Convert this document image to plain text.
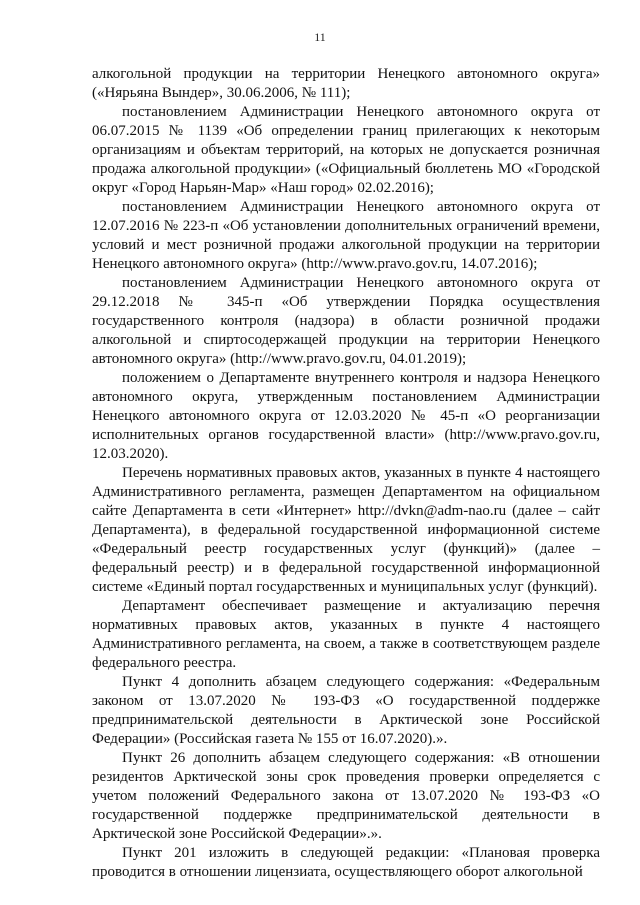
11

алкогольной продукции на территории Ненецкого автономного округа» («Нярьяна Вындер», 30.06.2006, № 111);

постановлением Администрации Ненецкого автономного округа от 06.07.2015 № 1139 «Об определении границ прилегающих к некоторым организациям и объектам территорий, на которых не допускается розничная продажа алкогольной продукции» («Официальный бюллетень МО «Городской округ «Город Нарьян-Мар» «Наш город» 02.02.2016);

постановлением Администрации Ненецкого автономного округа от 12.07.2016 № 223-п «Об установлении дополнительных ограничений времени, условий и мест розничной продажи алкогольной продукции на территории Ненецкого автономного округа» (http://www.pravo.gov.ru, 14.07.2016);

постановлением Администрации Ненецкого автономного округа от 29.12.2018 № 345-п «Об утверждении Порядка осуществления государственного контроля (надзора) в области розничной продажи алкогольной и спиртосодержащей продукции на территории Ненецкого автономного округа» (http://www.pravo.gov.ru, 04.01.2019);

положением о Департаменте внутреннего контроля и надзора Ненецкого автономного округа, утвержденным постановлением Администрации Ненецкого автономного округа от 12.03.2020 № 45-п «О реорганизации исполнительных органов государственной власти» (http://www.pravo.gov.ru, 12.03.2020).

Перечень нормативных правовых актов, указанных в пункте 4 настоящего Административного регламента, размещен Департаментом на официальном сайте Департамента в сети «Интернет» http://dvkn@adm-nao.ru (далее – сайт Департамента), в федеральной государственной информационной системе «Федеральный реестр государственных услуг (функций)» (далее – федеральный реестр) и в федеральной государственной информационной системе «Единый портал государственных и муниципальных услуг (функций).

Департамент обеспечивает размещение и актуализацию перечня нормативных правовых актов, указанных в пункте 4 настоящего Административного регламента, на своем, а также в соответствующем разделе федерального реестра.

Пункт 4 дополнить абзацем следующего содержания: «Федеральным законом от 13.07.2020 № 193-ФЗ «О государственной поддержке предпринимательской деятельности в Арктической зоне Российской Федерации» (Российская газета № 155 от 16.07.2020).».

Пункт 26 дополнить абзацем следующего содержания: «В отношении резидентов Арктической зоны срок проведения проверки определяется с учетом положений Федерального закона от 13.07.2020 № 193-ФЗ «О государственной поддержке предпринимательской деятельности в Арктической зоне Российской Федерации».».

Пункт 201 изложить в следующей редакции: «Плановая проверка проводится в отношении лицензиата, осуществляющего оборот алкогольной
